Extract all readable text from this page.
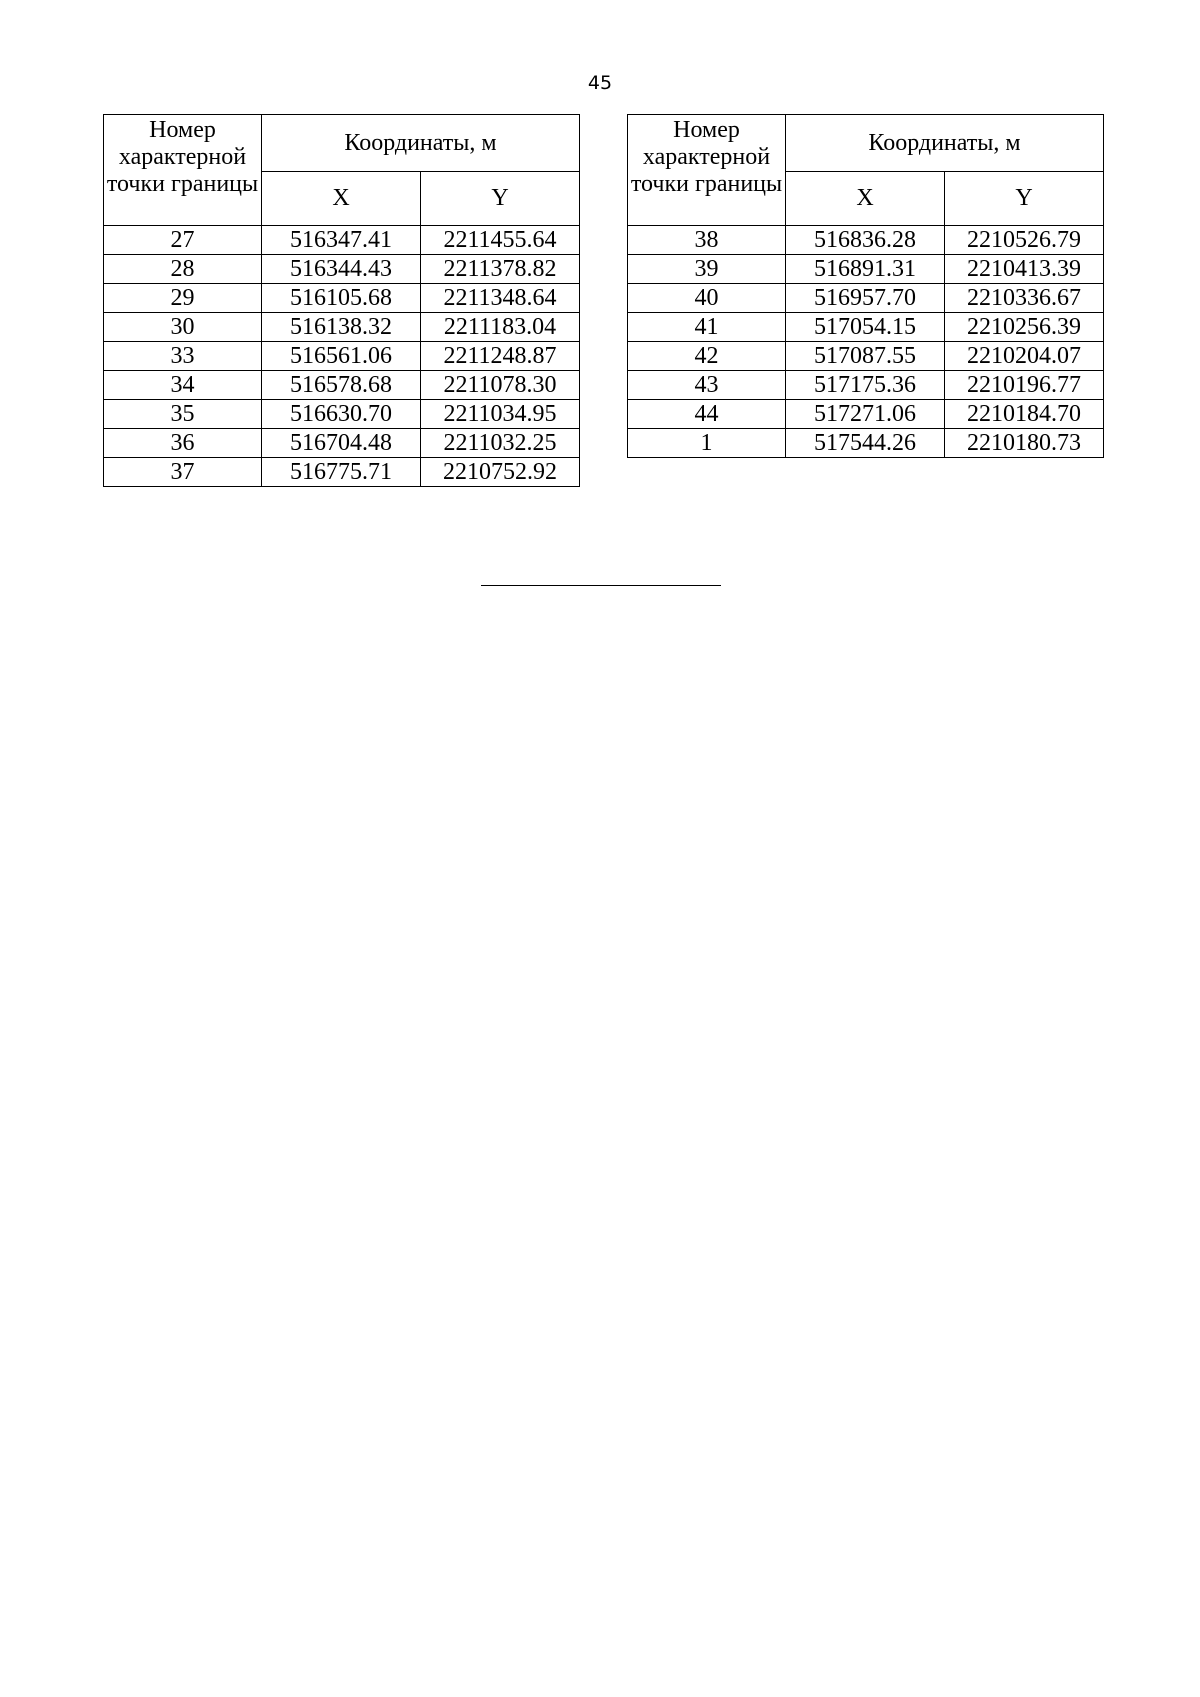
45
Номер характерной точки границы	Координаты, м	
	X	Y
27	516347.41	2211455.64
28	516344.43	2211378.82
29	516105.68	2211348.64
30	516138.32	2211183.04
33	516561.06	2211248.87
34	516578.68	2211078.30
35	516630.70	2211034.95
36	516704.48	2211032.25
37	516775.71	2210752.92
Номер характерной точки границы	Координаты, м	
	X	Y
38	516836.28	2210526.79
39	516891.31	2210413.39
40	516957.70	2210336.67
41	517054.15	2210256.39
42	517087.55	2210204.07
43	517175.36	2210196.77
44	517271.06	2210184.70
1	517544.26	2210180.73
